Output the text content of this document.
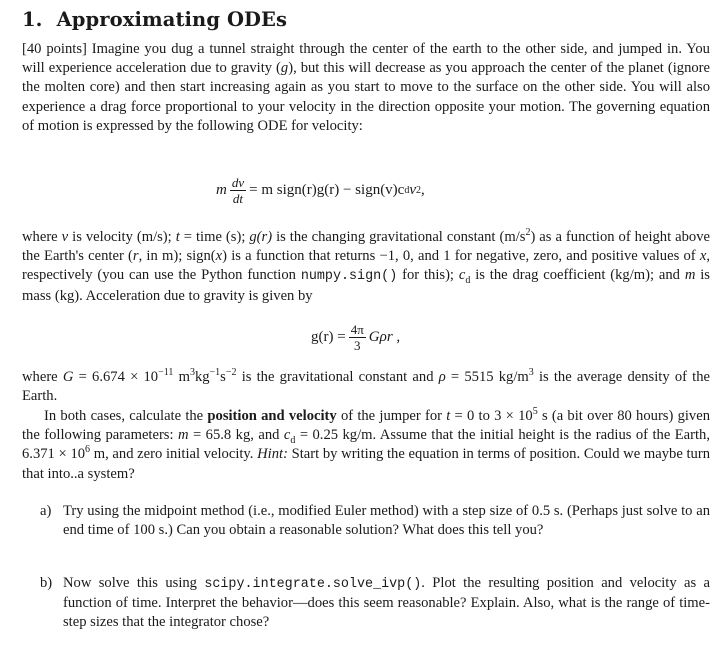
1. Approximating ODEs
[40 points] Imagine you dug a tunnel straight through the center of the earth to the other side, and jumped in. You will experience acceleration due to gravity (g), but this will decrease as you approach the center of the planet (ignore the molten core) and then start increasing again as you start to move to the surface on the other side. You will also experience a drag force proportional to your velocity in the direction opposite your motion. The governing equation of motion is expressed by the following ODE for velocity:
m $\frac{dv}{dt} = m$ sign(r)g(r) − sign(v)c d v 2 ,
where v is velocity (m/s); t = time (s); g(r) is the changing gravitational constant $(m/s^2)$ as a function of height above the Earth's center (r, in m); sign(x) is a function that returns −1, 0, and 1 for negative, zero, and positive values of x, respectively (you can use the Python function numpy.sign() for this); $c_d$ is the drag coefficient (kg/m); and m is mass (kg). Acceleration due to gravity is given by
$g(r) = \frac{4\pi}{3}$ Gρr ,
where $G = 6.674 \times 10^{-11}$ $m^3kg^{-1}s^{-2}$ is the gravitational constant and ρ = 5515 $kg/m^3$ is the average density of the Earth.
In both cases, calculate the position and velocity of the jumper for t = 0 to $3 \times 10^5$ s (a bit over 80 hours) given the following parameters: m = 65.8 kg, and $c_d = 0.25$ kg/m. Assume that the initial height is the radius of the Earth, $6.371 \times 10^6$ m, and zero initial velocity. Hint: Start by writing the equation in terms of position. Could we maybe turn that into..a system?
a) Try using the midpoint method (i.e., modified Euler method) with a step size of 0.5 s. (Perhaps just solve to an end time of 100 s.) Can you obtain a reasonable solution? What does this tell you?
b) Now solve this using scipy.integrate.solve_ivp(). Plot the resulting position and velocity as a function of time. Interpret the behavior—does this seem reasonable? Explain. Also, what is the range of time-step sizes that the integrator chose?
